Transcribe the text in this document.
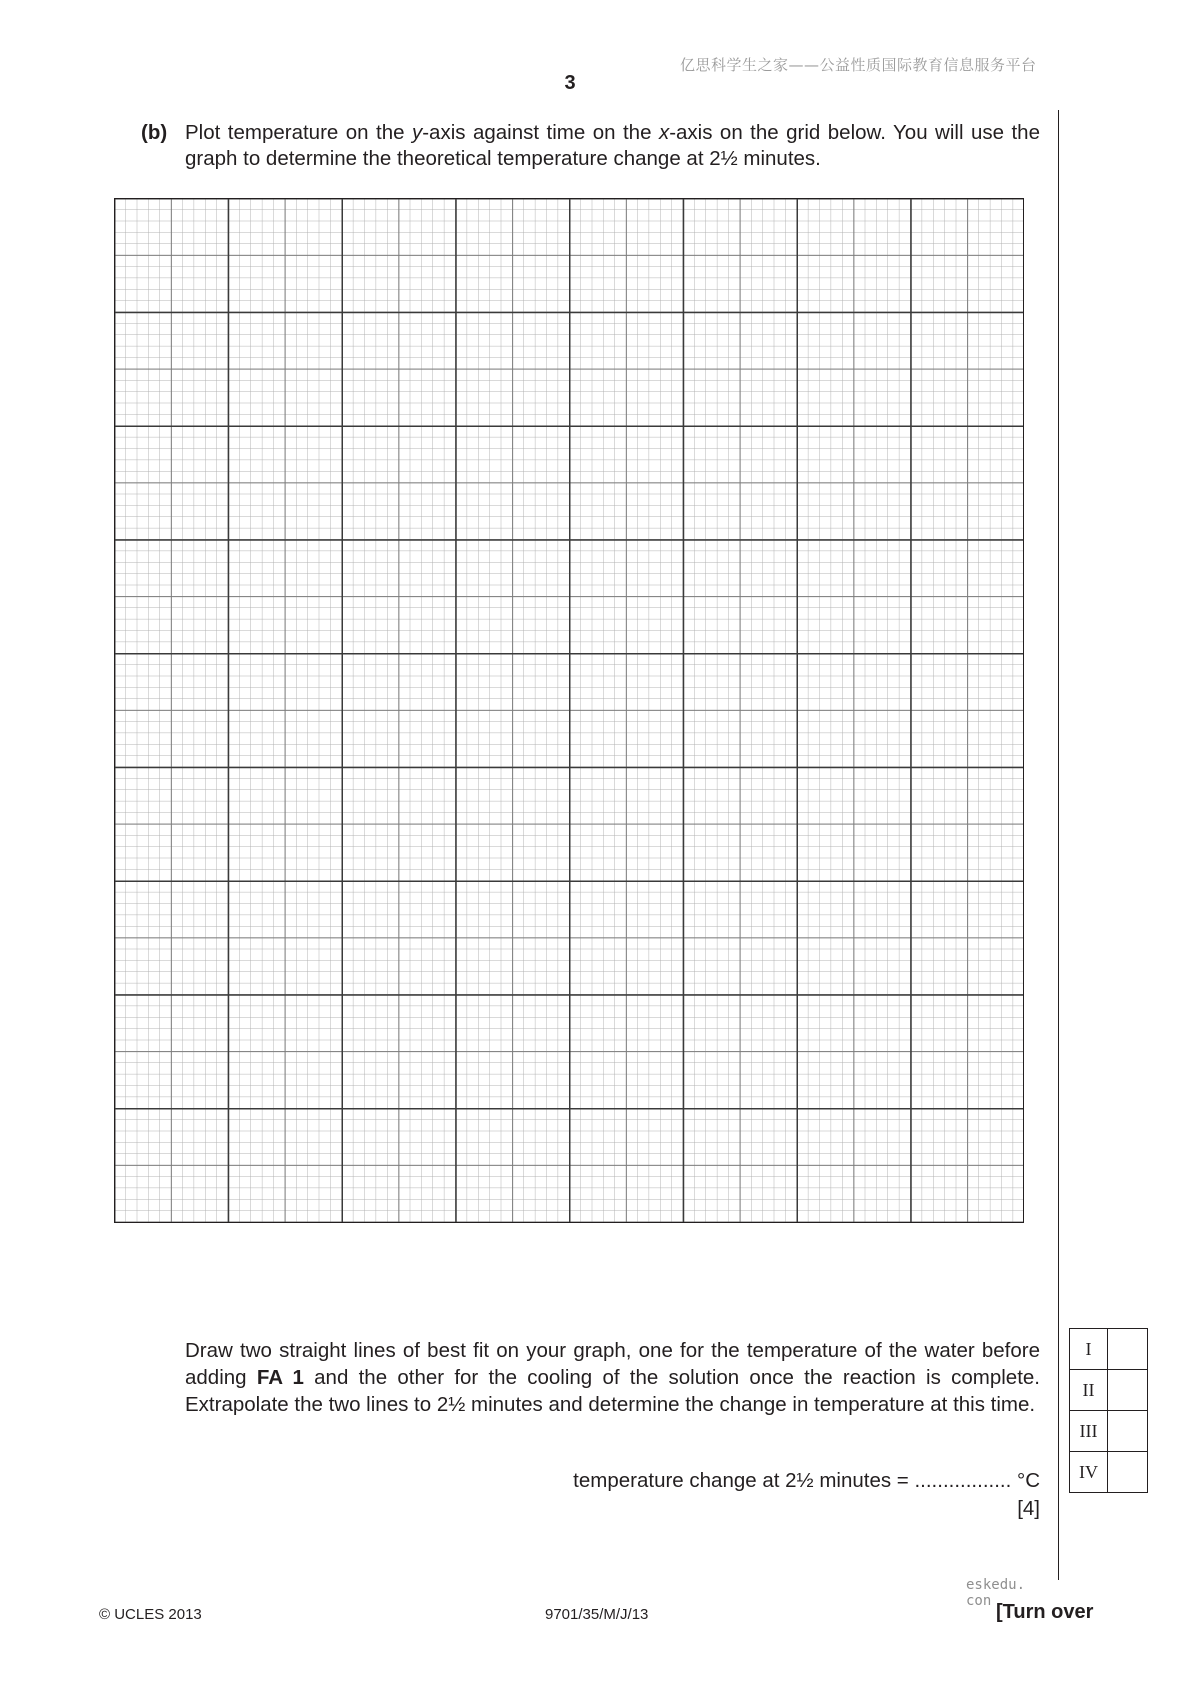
亿思科学生之家——公益性质国际教育信息服务平台
3
(b) Plot temperature on the y-axis against time on the x-axis on the grid below. You will use the graph to determine the theoretical temperature change at 2½ minutes.
Draw two straight lines of best fit on your graph, one for the temperature of the water before adding FA 1 and the other for the cooling of the solution once the reaction is complete. Extrapolate the two lines to 2½ minutes and determine the change in temperature at this time.
temperature change at 2½ minutes = ................. °C
[4]
I	
II	
III	
IV	
eskedu. con
© UCLES 2013	9701/35/M/J/13	[Turn over
